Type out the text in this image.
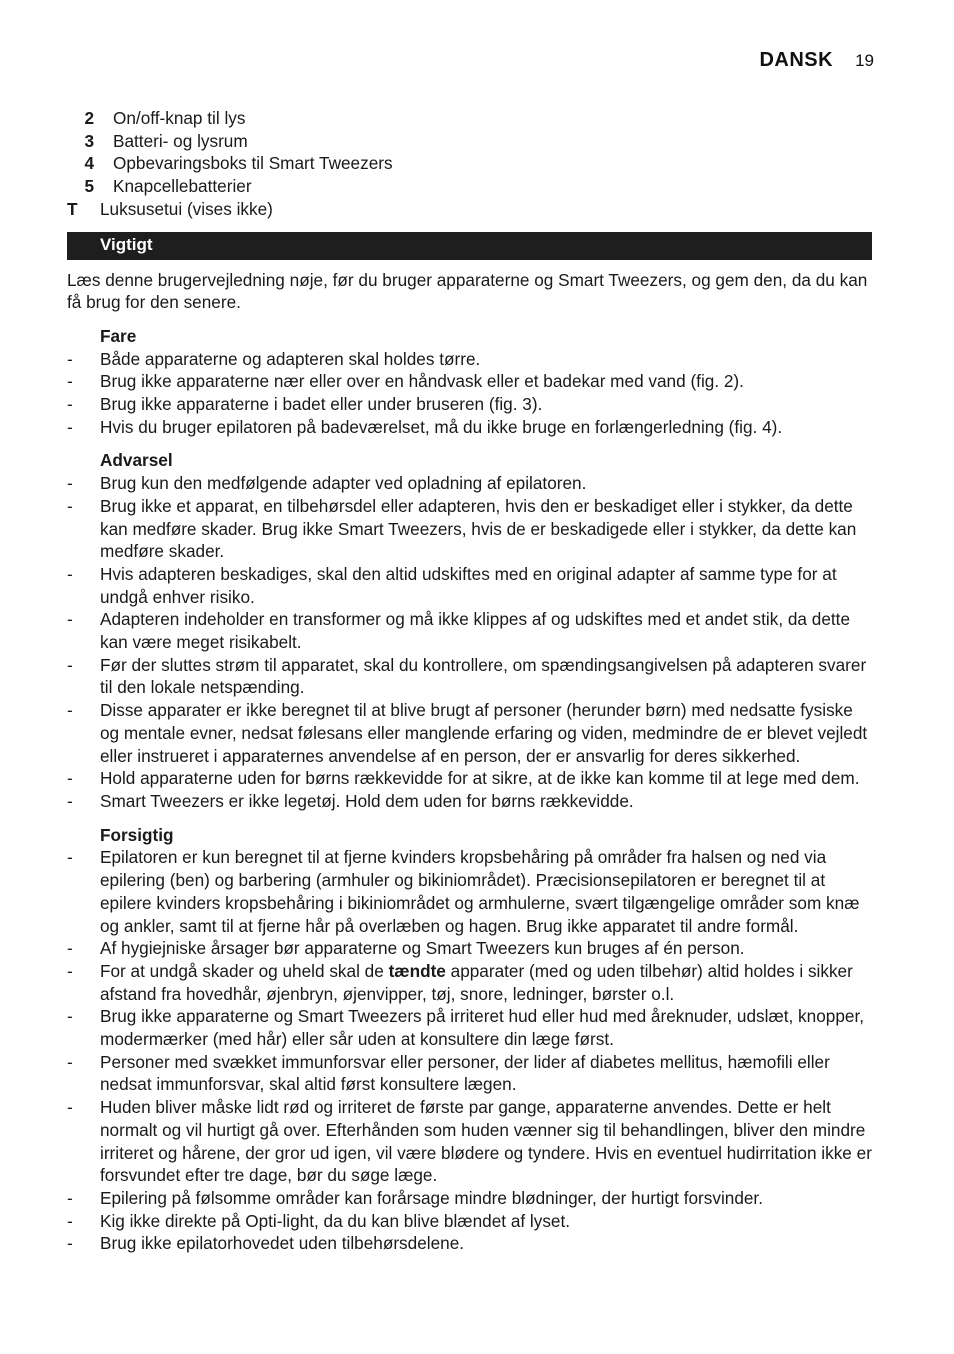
DANSK 19
2	On/off-knap til lys
3	Batteri- og lysrum
4	Opbevaringsboks til Smart Tweezers
5	Knapcellebatterier
T	Luksusetui (vises ikke)
Vigtigt

Læs denne brugervejledning nøje, før du bruger apparaterne og Smart Tweezers, og gem den, da du kan få brug for den senere.

Fare
-	Både apparaterne og adapteren skal holdes tørre.
-	Brug ikke apparaterne nær eller over en håndvask eller et badekar med vand (fig. 2).
-	Brug ikke apparaterne i badet eller under bruseren (fig. 3).
-	Hvis du bruger epilatoren på badeværelset, må du ikke bruge en forlængerledning (fig. 4).
Advarsel
-	Brug kun den medfølgende adapter ved opladning af epilatoren.
-	Brug ikke et apparat, en tilbehørsdel eller adapteren, hvis den er beskadiget eller i stykker, da dette kan medføre skader. Brug ikke Smart Tweezers, hvis de er beskadigede eller i stykker, da dette kan medføre skader.
-	Hvis adapteren beskadiges, skal den altid udskiftes med en original adapter af samme type for at undgå enhver risiko.
-	Adapteren indeholder en transformer og må ikke klippes af og udskiftes med et andet stik, da dette kan være meget risikabelt.
-	Før der sluttes strøm til apparatet, skal du kontrollere, om spændingsangivelsen på adapteren svarer til den lokale netspænding.
-	Disse apparater er ikke beregnet til at blive brugt af personer (herunder børn) med nedsatte fysiske og mentale evner, nedsat følesans eller manglende erfaring og viden, medmindre de er blevet vejledt eller instrueret i apparaternes anvendelse af en person, der er ansvarlig for deres sikkerhed.
-	Hold apparaterne uden for børns rækkevidde for at sikre, at de ikke kan komme til at lege med dem.
-	Smart Tweezers er ikke legetøj. Hold dem uden for børns rækkevidde.
Forsigtig
-	Epilatoren er kun beregnet til at fjerne kvinders kropsbehåring på områder fra halsen og ned via epilering (ben) og barbering (armhuler og bikiniområdet). Præcisionsepilatoren er beregnet til at epilere kvinders kropsbehåring i bikiniområdet og armhulerne, svært tilgængelige områder som knæ og ankler, samt til at fjerne hår på overlæben og hagen. Brug ikke apparatet til andre formål.
-	Af hygiejniske årsager bør apparaterne og Smart Tweezers kun bruges af én person.
-	For at undgå skader og uheld skal de tændte apparater (med og uden tilbehør) altid holdes i sikker afstand fra hovedhår, øjenbryn, øjenvipper, tøj, snore, ledninger, børster o.l.
-	Brug ikke apparaterne og Smart Tweezers på irriteret hud eller hud med åreknuder, udslæt, knopper, modermærker (med hår) eller sår uden at konsultere din læge først.
-	Personer med svækket immunforsvar eller personer, der lider af diabetes mellitus, hæmofili eller nedsat immunforsvar, skal altid først konsultere lægen.
-	Huden bliver måske lidt rød og irriteret de første par gange, apparaterne anvendes. Dette er helt normalt og vil hurtigt gå over. Efterhånden som huden vænner sig til behandlingen, bliver den mindre irriteret og hårene, der gror ud igen, vil være blødere og tyndere. Hvis en eventuel hudirritation ikke er forsvundet efter tre dage, bør du søge læge.
-	Epilering på følsomme områder kan forårsage mindre blødninger, der hurtigt forsvinder.
-	Kig ikke direkte på Opti-light, da du kan blive blændet af lyset.
-	Brug ikke epilatorhovedet uden tilbehørsdelene.
